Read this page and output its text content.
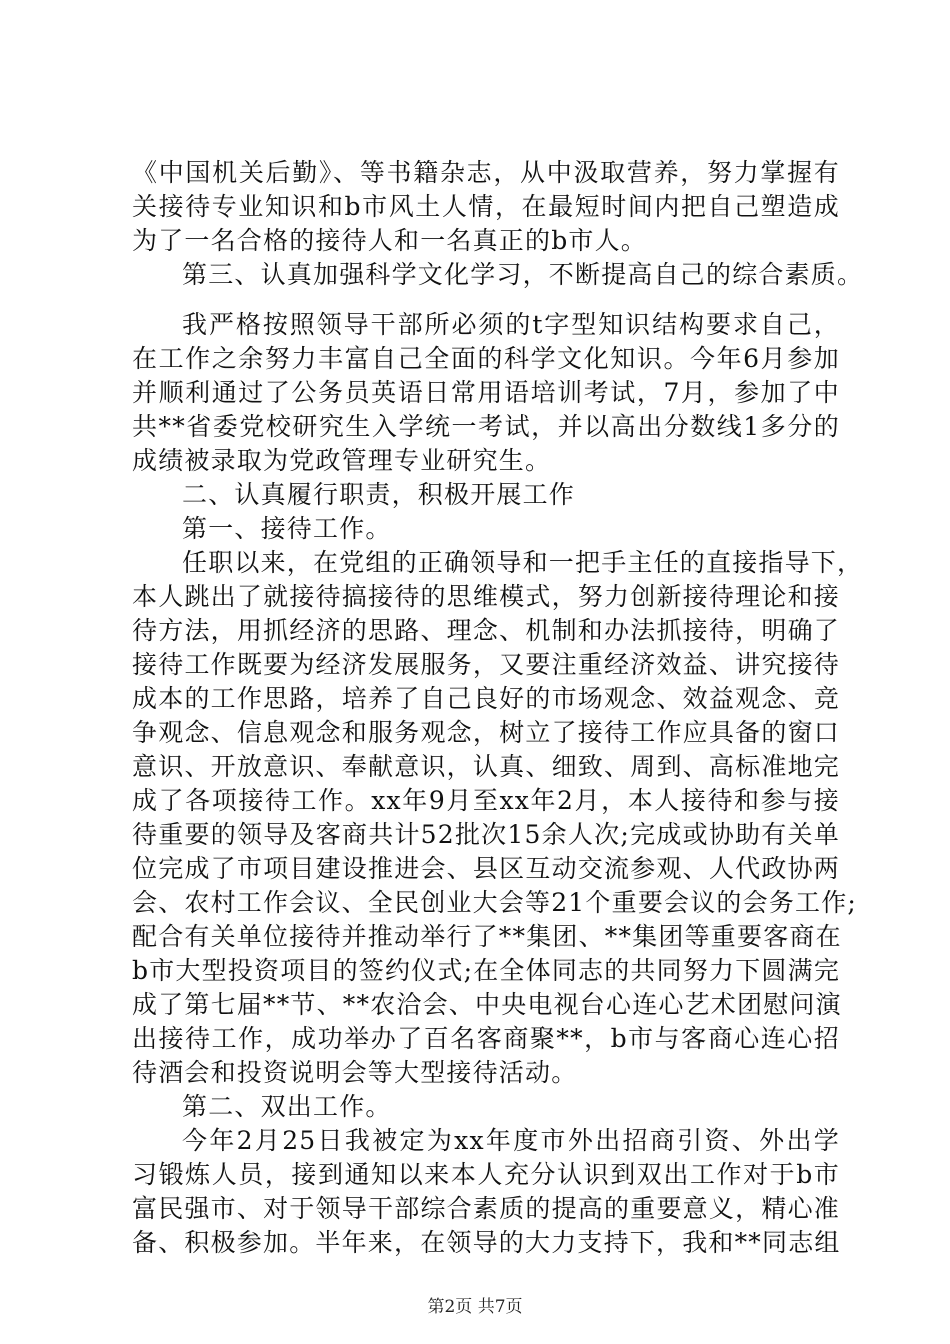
《中国机关后勤》、等书籍杂志，从中汲取营养，努力掌握有
关接待专业知识和b市风土人情，在最短时间内把自己塑造成
为了一名合格的接待人和一名真正的b市人。
第三、认真加强科学文化学习，不断提高自己的综合素质。
我严格按照领导干部所必须的t字型知识结构要求自己，
在工作之余努力丰富自己全面的科学文化知识。今年6月参加
并顺利通过了公务员英语日常用语培训考试，7月，参加了中
共**省委党校研究生入学统一考试，并以高出分数线1多分的
成绩被录取为党政管理专业研究生。
二、认真履行职责，积极开展工作
第一、接待工作。
任职以来，在党组的正确领导和一把手主任的直接指导下，
本人跳出了就接待搞接待的思维模式，努力创新接待理论和接
待方法，用抓经济的思路、理念、机制和办法抓接待，明确了
接待工作既要为经济发展服务，又要注重经济效益、讲究接待
成本的工作思路，培养了自己良好的市场观念、效益观念、竞
争观念、信息观念和服务观念，树立了接待工作应具备的窗口
意识、开放意识、奉献意识，认真、细致、周到、高标准地完
成了各项接待工作。xx年9月至xx年2月，本人接待和参与接
待重要的领导及客商共计52批次15余人次;完成或协助有关单
位完成了市项目建设推进会、县区互动交流参观、人代政协两
会、农村工作会议、全民创业大会等21个重要会议的会务工作;
配合有关单位接待并推动举行了**集团、**集团等重要客商在
b市大型投资项目的签约仪式;在全体同志的共同努力下圆满完
成了第七届**节、**农洽会、中央电视台心连心艺术团慰问演
出接待工作，成功举办了百名客商聚**，b市与客商心连心招
待酒会和投资说明会等大型接待活动。
第二、双出工作。
今年2月25日我被定为xx年度市外出招商引资、外出学
习锻炼人员，接到通知以来本人充分认识到双出工作对于b市
富民强市、对于领导干部综合素质的提高的重要意义，精心准
备、积极参加。半年来，在领导的大力支持下，我和**同志组
第2页 共7页
